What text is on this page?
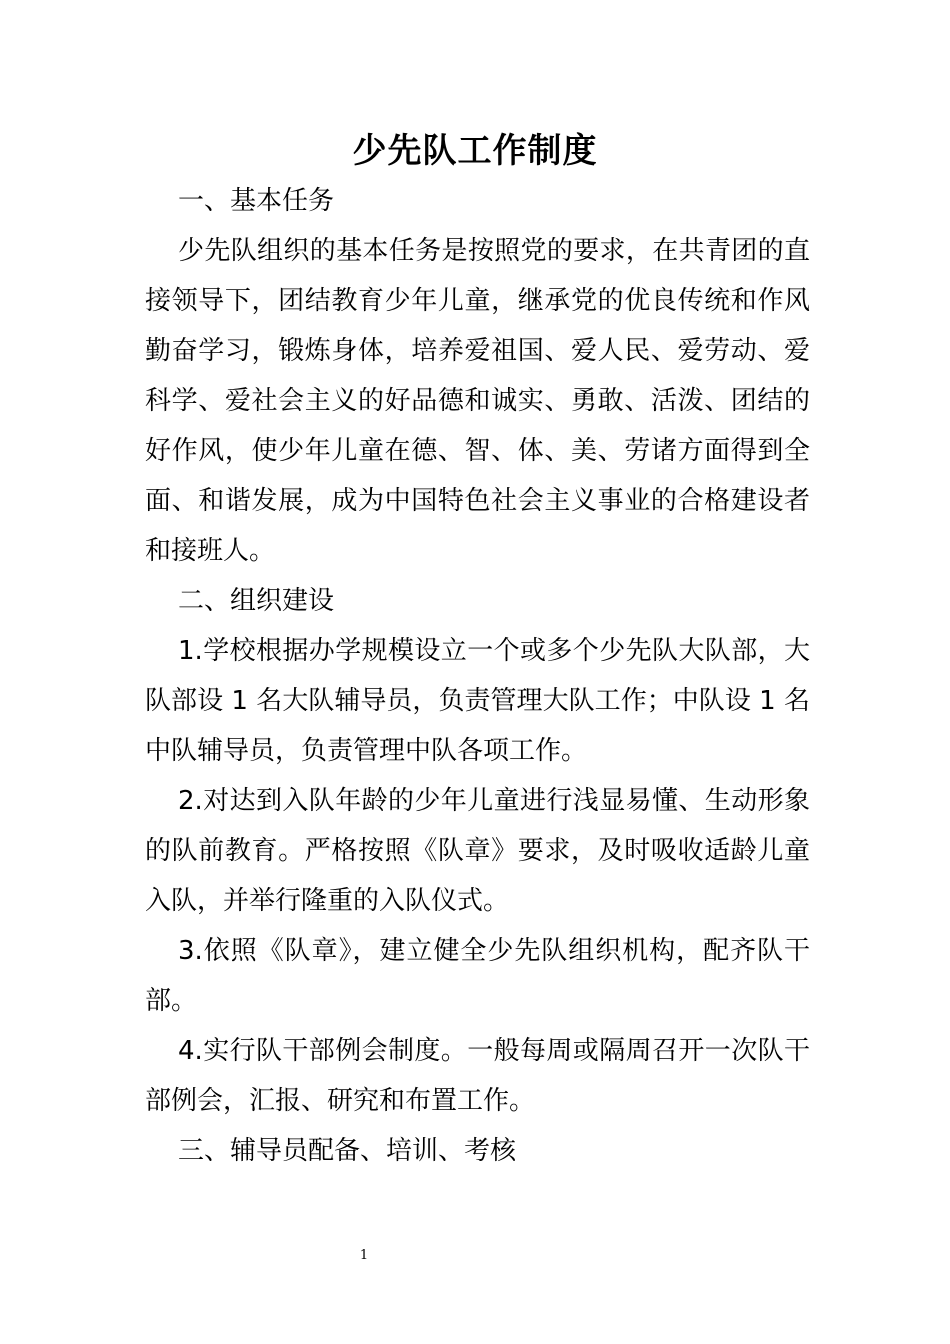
少先队工作制度

一、基本任务

少先队组织的基本任务是按照党的要求，在共青团的直接领导下，团结教育少年儿童，继承党的优良传统和作风勤奋学习，锻炼身体，培养爱祖国、爱人民、爱劳动、爱科学、爱社会主义的好品德和诚实、勇敢、活泼、团结的好作风，使少年儿童在德、智、体、美、劳诸方面得到全面、和谐发展，成为中国特色社会主义事业的合格建设者和接班人。

二、组织建设

1.学校根据办学规模设立一个或多个少先队大队部，大队部设 1 名大队辅导员，负责管理大队工作；中队设 1 名中队辅导员，负责管理中队各项工作。

2.对达到入队年龄的少年儿童进行浅显易懂、生动形象的队前教育。严格按照《队章》要求，及时吸收适龄儿童入队，并举行隆重的入队仪式。

3.依照《队章》，建立健全少先队组织机构，配齐队干部。

4.实行队干部例会制度。一般每周或隔周召开一次队干部例会，汇报、研究和布置工作。

三、辅导员配备、培训、考核

1
